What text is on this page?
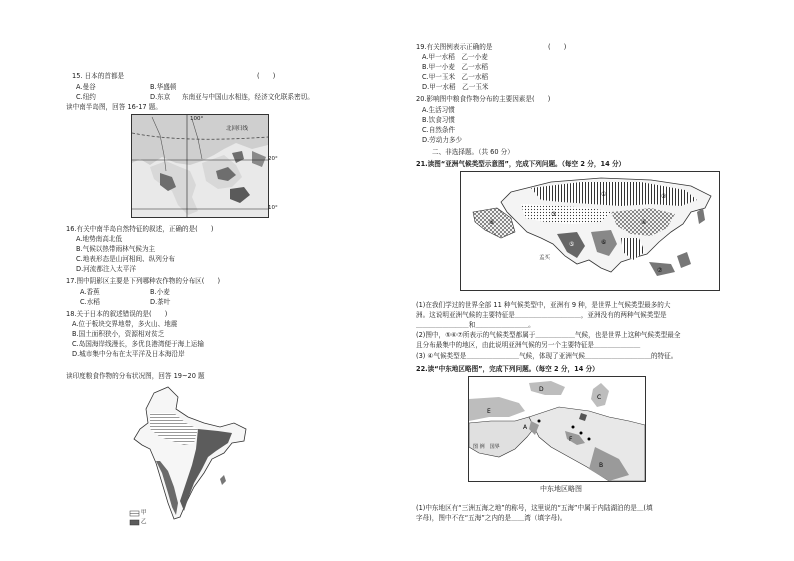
15. 日本的首都是	(　　)
A.曼谷	B.华盛顿
C.纽约	D.东京 东南亚与中国山水相连，经济文化联系密切。
读中南半岛图，回答 16-17 题。
北回归线
100°
20°
10°
16.有关中南半岛自然特征的叙述，正确的是(　　)
A.地势南高北低
B.气候以热带雨林气候为主
C.地表形态是山河相间、纵列分布
D.河流都注入太平洋
17.图中阴影区主要是下列哪种农作物的分布区(　　)
A.香蕉	B.小麦
C.水稻	D.茶叶
18.关于日本的叙述错误的是(　　)
A.位于板块交界地带，多火山、地震
B.国土面积狭小，资源相对贫乏
C.岛国海岸线漫长，多优良港湾便于海上运输
D.城市集中分布在太平洋及日本海沿岸
读印度粮食作物的分布状况图，回答 19~20 题
甲
乙
19.有关图例表示正确的是	(　　)
A.甲一水稻　乙一小麦
B.甲一小麦　乙一水稻
C.甲一玉米　乙一水稻
D.甲一水稻　乙一玉米
20.影响图中粮食作物分布的主要因素是(　　)
A.生活习惯
B.饮食习惯
C.自然条件
D.劳动力多少
二、非选择题。（共 60 分）
21.读图“亚洲气候类型示意图”，完成下列问题。（每空 2 分，14 分）
①	②
③
④
⑤	⑥
⑦
⑧
孟买
(1)在我们学过的世界全部 11 种气候类型中，亚洲有 9 种，是世界上气候类型最多的大
洲。这说明亚洲气候的主要特征是＿＿＿＿＿＿＿＿＿＿，亚洲没有的两种气候类型是
＿＿＿＿＿＿＿＿和＿＿＿＿＿＿＿＿。
(2)图中，⑤⑥⑦所表示的气候类型都属于＿＿＿＿＿＿气候，也是世界上这种气候类型最全
且分布最集中的地区，由此说明亚洲气候的另一个主要特征是＿＿＿＿＿＿＿
(3) ④气候类型是＿＿＿＿＿＿＿＿气候，体现了亚洲气候＿＿＿＿＿＿＿＿＿＿的特征。
22.读“中东地区略图”，完成下列问题。（每空 2 分，14 分）
E
D
C
F
B
A
图 例　国界
中东地区略图
(1)中东地区有“三洲五海之地”的称号，这里说的“五海”中属于内陆湖泊的是＿(填
字母)，图中不在“五海”之内的是＿＿湾（填字母)。
